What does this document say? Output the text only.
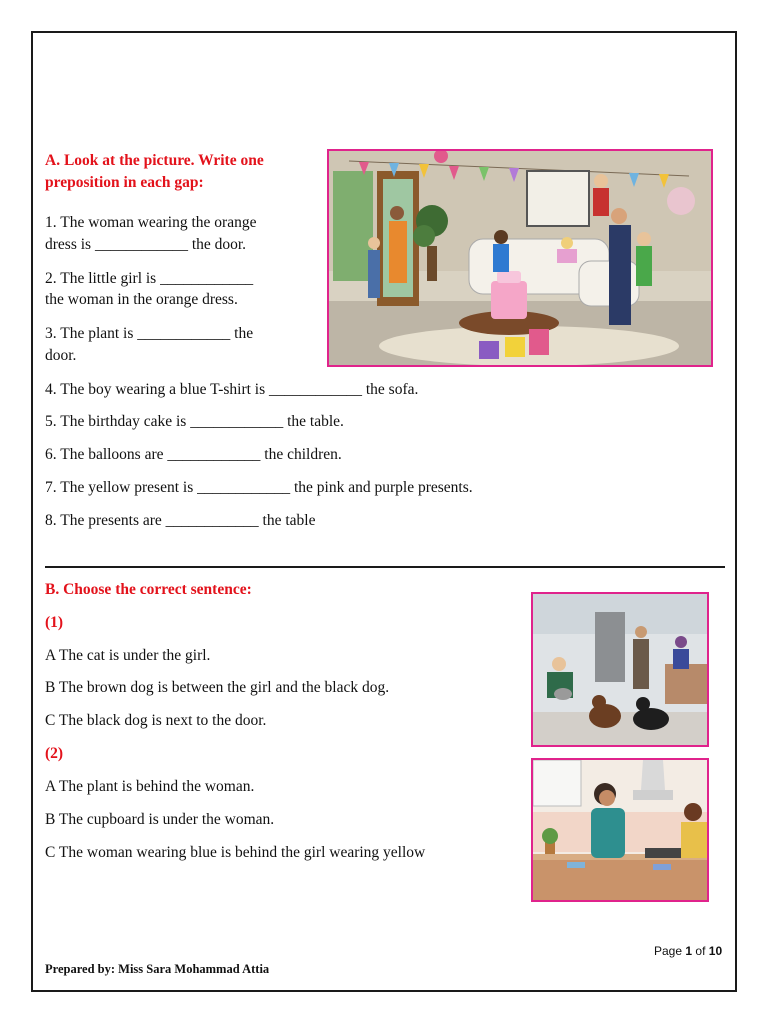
A. Look at the picture. Write one
preposition in each gap:
1. The woman wearing the orange
dress is ____________ the door.
2. The little girl is ____________
the woman in the orange dress.
3. The plant is ____________ the
door.
4. The boy wearing a blue T-shirt is ____________ the sofa.
5. The birthday cake is ____________ the table.
6. The balloons are ____________ the children.
7. The yellow present is ____________ the pink and purple presents.
8. The presents are ____________ the table
B. Choose the correct sentence:
(1)
A The cat is under the girl.
B The brown dog is between the girl and the black dog.
C The black dog is next to the door.
(2)
A The plant is behind the woman.
B The cupboard is under the woman.
C The woman wearing blue is behind the girl wearing yellow
Page 1 of 10
Prepared by: Miss Sara Mohammad Attia
